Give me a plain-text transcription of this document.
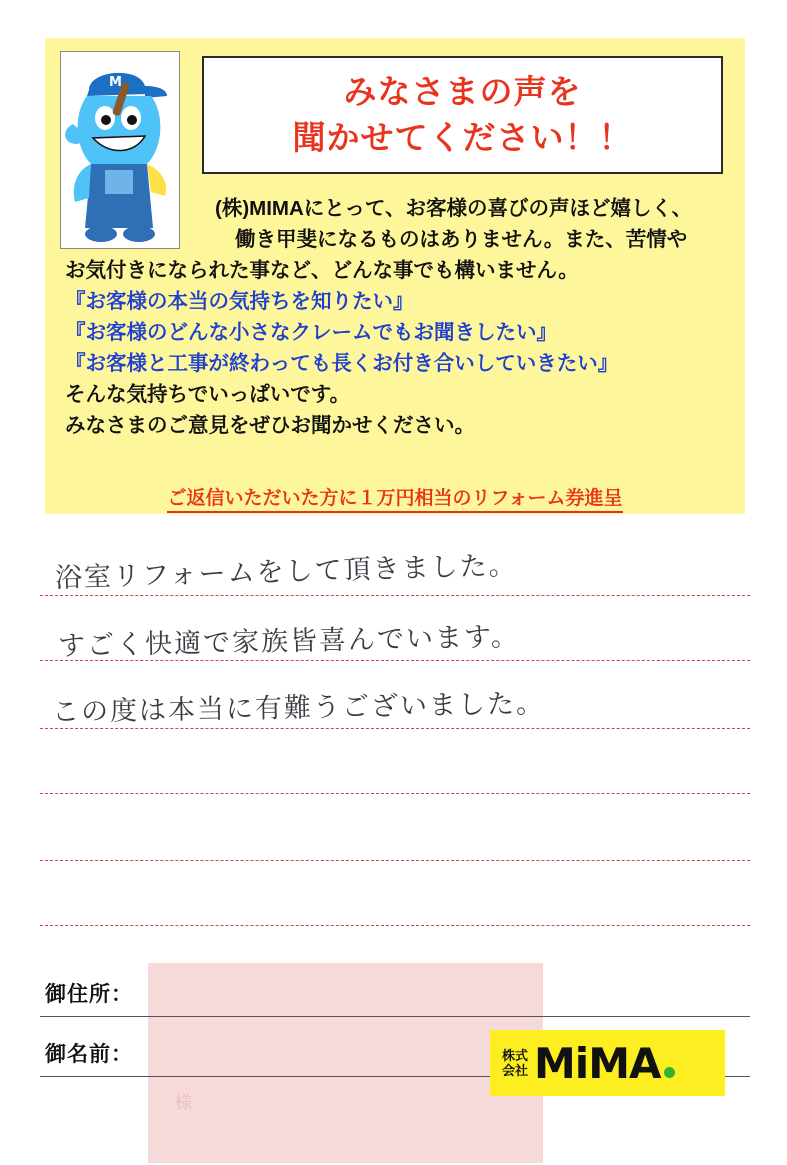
M	みなさまの声を
聞かせてください！！
(株)MIMAにとって、お客様の喜びの声ほど嬉しく、
働き甲斐になるものはありません。また、苦情や
お気付きになられた事など、どんな事でも構いません。
『お客様の本当の気持ちを知りたい』
『お客様のどんな小さなクレームでもお聞きしたい』
『お客様と工事が終わっても長くお付き合いしていきたい』
そんな気持ちでいっぱいです。
みなさまのご意見をぜひお聞かせください。
ご返信いただいた方に１万円相当のリフォーム券進呈
浴室リフォームをして頂きました。
すごく快適で家族皆喜んでいます。
この度は本当に有難うございました。
様
御住所：
御名前：	株式
会社 MiMA
